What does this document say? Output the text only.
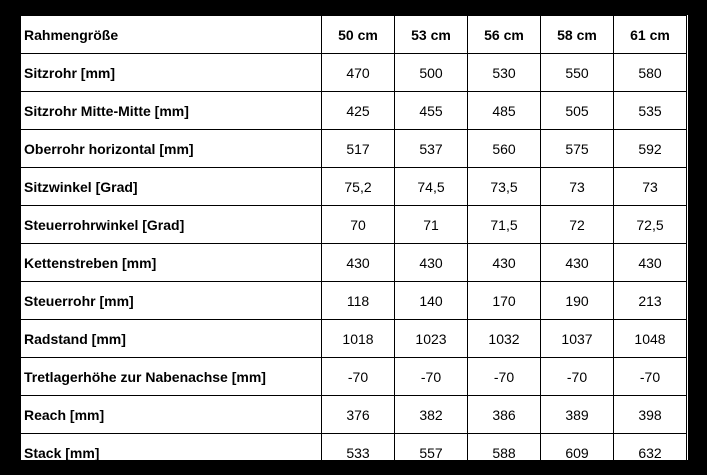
Rahmengröße	50 cm	53 cm	56 cm	58 cm	61 cm
Sitzrohr [mm]	470	500	530	550	580
Sitzrohr Mitte-Mitte [mm]	425	455	485	505	535
Oberrohr horizontal [mm]	517	537	560	575	592
Sitzwinkel [Grad]	75,2	74,5	73,5	73	73
Steuerrohrwinkel [Grad]	70	71	71,5	72	72,5
Kettenstreben [mm]	430	430	430	430	430
Steuerrohr [mm]	118	140	170	190	213
Radstand [mm]	1018	1023	1032	1037	1048
Tretlagerhöhe zur Nabenachse [mm]	-70	-70	-70	-70	-70
Reach [mm]	376	382	386	389	398
Stack [mm]	533	557	588	609	632
